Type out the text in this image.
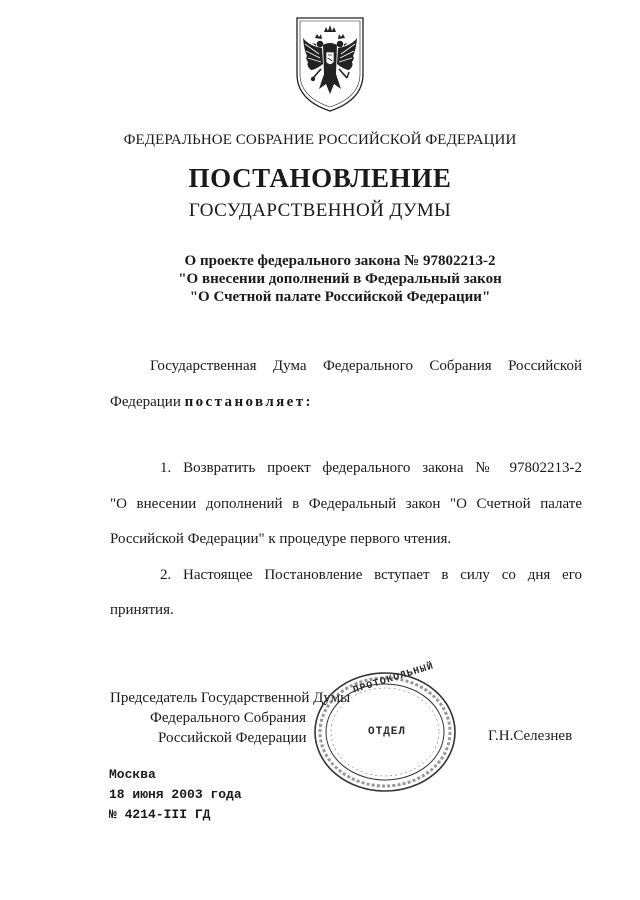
ФЕДЕРАЛЬНОЕ СОБРАНИЕ РОССИЙСКОЙ ФЕДЕРАЦИИ
ПОСТАНОВЛЕНИЕ
ГОСУДАРСТВЕННОЙ ДУМЫ
О проекте федерального закона № 97802213-2
"О внесении дополнений в Федеральный закон
"О Счетной палате Российской Федерации"
Государственная Дума Федерального Собрания Российской
Федерации постановляет:
1. Возвратить проект федерального закона № 97802213-2
"О внесении дополнений в Федеральный закон "О Счетной палате
Российской Федерации" к процедуре первого чтения.
2. Настоящее Постановление вступает в силу со дня его
принятия.
Председатель Государственной Думы
Федерального Собрания
Российской Федерации
ПРОТОКОЛЬНЫЙ
ОТДЕЛ	Г.Н.Селезнев
Москва
18 июня 2003 года
№ 4214-III ГД
